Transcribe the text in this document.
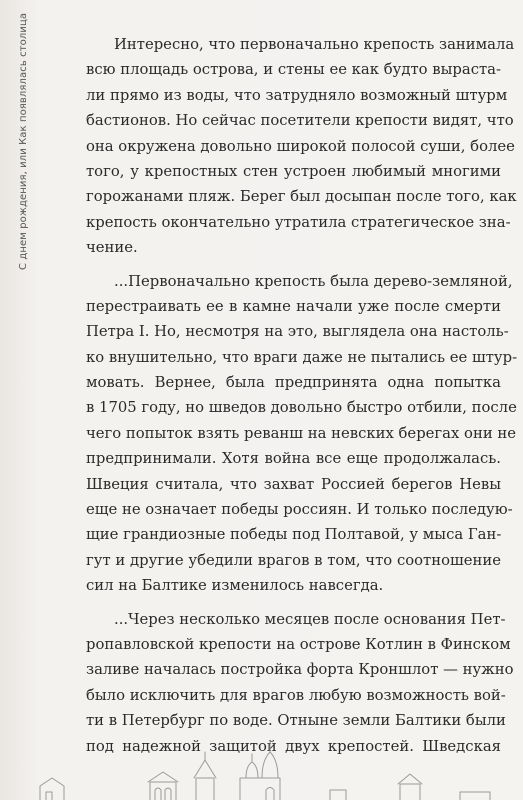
С днем рождения, или Как появлялась столица	Интересно, что первоначально крепость занимала
всю площадь острова, и стены ее как будто выраста-
ли прямо из воды, что затрудняло возможный штурм
бастионов. Но сейчас посетители крепости видят, что
она окружена довольно широкой полосой суши, более
того, у крепостных стен устроен любимый многими
горожанами пляж. Берег был досыпан после того, как
крепость окончательно утратила стратегическое зна-
чение.
...Первоначально крепость была дерево-земляной,
перестраивать ее в камне начали уже после смерти
Петра I. Но, несмотря на это, выглядела она настоль-
ко внушительно, что враги даже не пытались ее штур-
мовать. Вернее, была предпринята одна попытка
в 1705 году, но шведов довольно быстро отбили, после
чего попыток взять реванш на невских берегах они не
предпринимали. Хотя война все еще продолжалась.
Швеция считала, что захват Россией берегов Невы
еще не означает победы россиян. И только последую-
щие грандиозные победы под Полтавой, у мыса Ган-
гут и другие убедили врагов в том, что соотношение
сил на Балтике изменилось навсегда.
...Через несколько месяцев после основания Пет-
ропавловской крепости на острове Котлин в Финском
заливе началась постройка форта Кроншлот — нужно
было исключить для врагов любую возможность вой-
ти в Петербург по воде. Отныне земли Балтики были
под надежной защитой двух крепостей. Шведская
